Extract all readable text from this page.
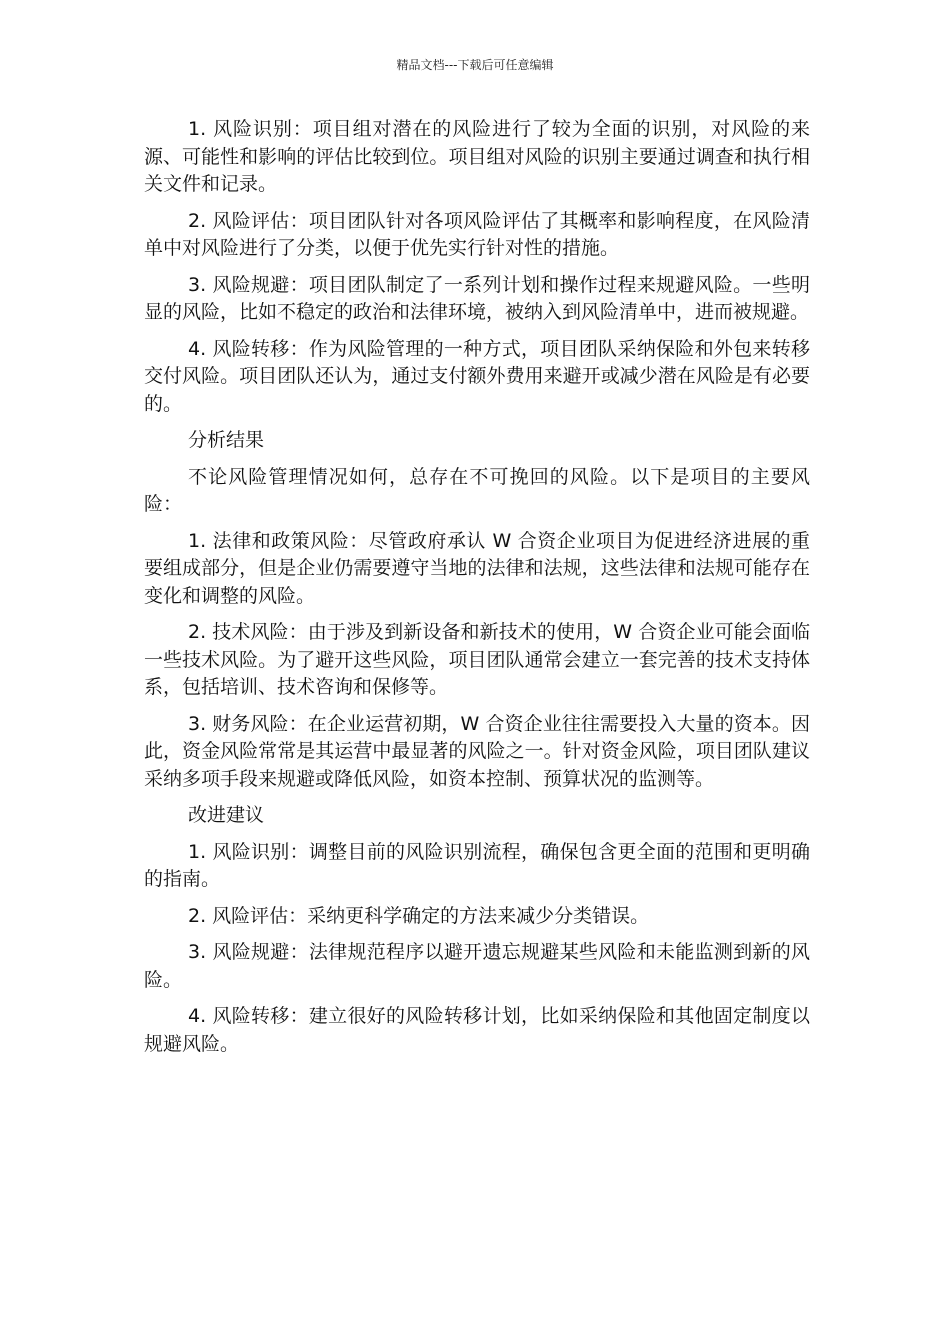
精品文档---下载后可任意编辑

1. 风险识别：项目组对潜在的风险进行了较为全面的识别，对风险的来源、可能性和影响的评估比较到位。项目组对风险的识别主要通过调查和执行相关文件和记录。

2. 风险评估：项目团队针对各项风险评估了其概率和影响程度，在风险清单中对风险进行了分类，以便于优先实行针对性的措施。

3. 风险规避：项目团队制定了一系列计划和操作过程来规避风险。一些明显的风险，比如不稳定的政治和法律环境，被纳入到风险清单中，进而被规避。

4. 风险转移：作为风险管理的一种方式，项目团队采纳保险和外包来转移交付风险。项目团队还认为，通过支付额外费用来避开或减少潜在风险是有必要的。

分析结果

不论风险管理情况如何，总存在不可挽回的风险。以下是项目的主要风险：

1. 法律和政策风险：尽管政府承认 W 合资企业项目为促进经济进展的重要组成部分，但是企业仍需要遵守当地的法律和法规，这些法律和法规可能存在变化和调整的风险。

2. 技术风险：由于涉及到新设备和新技术的使用，W 合资企业可能会面临一些技术风险。为了避开这些风险，项目团队通常会建立一套完善的技术支持体系，包括培训、技术咨询和保修等。

3. 财务风险：在企业运营初期，W 合资企业往往需要投入大量的资本。因此，资金风险常常是其运营中最显著的风险之一。针对资金风险，项目团队建议采纳多项手段来规避或降低风险，如资本控制、预算状况的监测等。

改进建议

1. 风险识别：调整目前的风险识别流程，确保包含更全面的范围和更明确的指南。

2. 风险评估：采纳更科学确定的方法来减少分类错误。

3. 风险规避：法律规范程序以避开遗忘规避某些风险和未能监测到新的风险。

4. 风险转移：建立很好的风险转移计划，比如采纳保险和其他固定制度以规避风险。
